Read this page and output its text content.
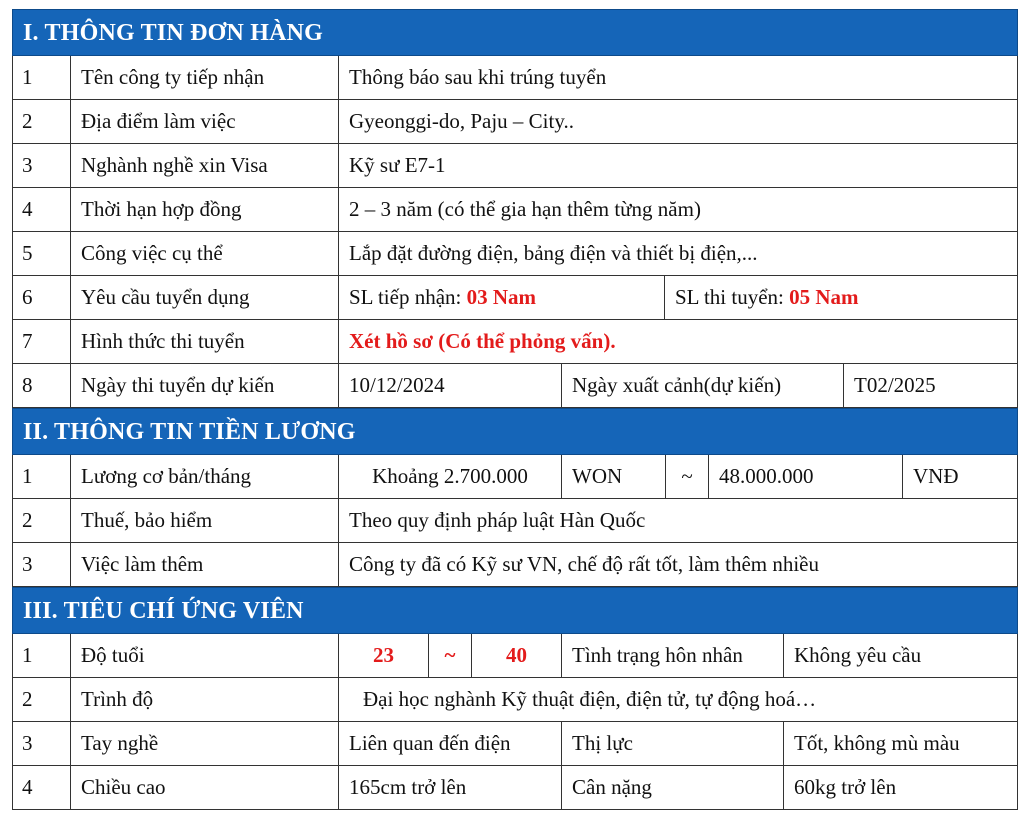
I. THÔNG TIN ĐƠN HÀNG
1	Tên công ty tiếp nhận	Thông báo sau khi trúng tuyển
2	Địa điểm làm việc	Gyeonggi-do, Paju – City..
3	Nghành nghề xin Visa	Kỹ sư E7-1
4	Thời hạn hợp đồng	2 – 3 năm (có thể gia hạn thêm từng năm)
5	Công việc cụ thể	Lắp đặt đường điện, bảng điện và thiết bị điện,...
6	Yêu cầu tuyển dụng	SL tiếp nhận: 03 Nam	SL thi tuyển: 05 Nam
7	Hình thức thi tuyển	Xét hồ sơ (Có thể phỏng vấn).
8	Ngày thi tuyển dự kiến	10/12/2024	Ngày xuất cảnh(dự kiến)	T02/2025
II. THÔNG TIN TIỀN LƯƠNG
1	Lương cơ bản/tháng	Khoảng 2.700.000	WON	~	48.000.000	VNĐ
2	Thuế, bảo hiểm	Theo quy định pháp luật Hàn Quốc
3	Việc làm thêm	Công ty đã có Kỹ sư VN, chế độ rất tốt, làm thêm nhiều
III. TIÊU CHÍ ỨNG VIÊN
1	Độ tuổi	23	~	40	Tình trạng hôn nhân	Không yêu cầu
2	Trình độ	Đại học nghành Kỹ thuật điện, điện tử, tự động hoá…
3	Tay nghề	Liên quan đến điện	Thị lực	Tốt, không mù màu
4	Chiều cao	165cm trở lên	Cân nặng	60kg trở lên
